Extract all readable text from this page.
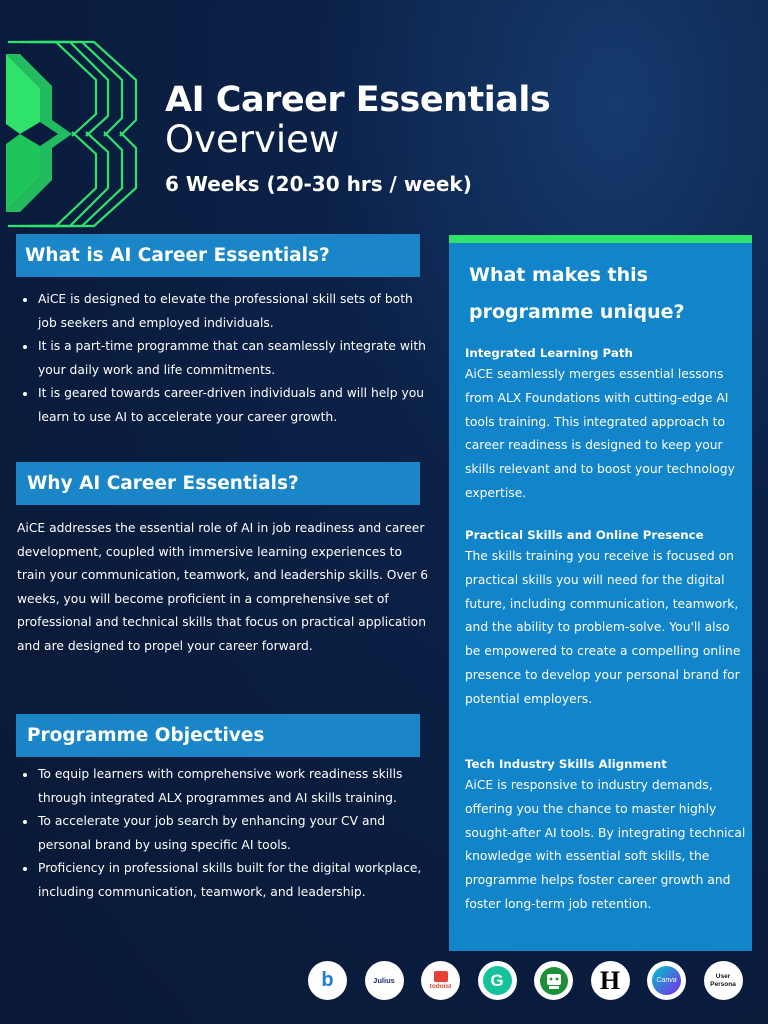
AI Career Essentials
Overview
6 Weeks (20-30 hrs / week)
What is AI Career Essentials?
AiCE is designed to elevate the professional skill sets of both job seekers and employed individuals.
It is a part-time programme that can seamlessly integrate with your daily work and life commitments.
It is geared towards career-driven individuals and will help you learn to use AI to accelerate your career growth.
Why AI Career Essentials?
AiCE addresses the essential role of AI in job readiness and career development, coupled with immersive learning experiences to train your communication, teamwork, and leadership skills. Over 6 weeks, you will become proficient in a comprehensive set of professional and technical skills that focus on practical application and are designed to propel your career forward.
Programme Objectives
To equip learners with comprehensive work readiness skills through integrated ALX programmes and AI skills training.
To accelerate your job search by enhancing your CV and personal brand by using specific AI tools.
Proficiency in professional skills built for the digital workplace, including communication, teamwork, and leadership.
What makes this programme unique?
Integrated Learning Path
AiCE seamlessly merges essential lessons from ALX Foundations with cutting-edge AI tools training. This integrated approach to career readiness is designed to keep your skills relevant and to boost your technology expertise.
Practical Skills and Online Presence
The skills training you receive is focused on practical skills you will need for the digital future, including communication, teamwork, and the ability to problem-solve. You'll also be empowered to create a compelling online presence to develop your personal brand for potential employers.
Tech Industry Skills Alignment
AiCE is responsive to industry demands, offering you the chance to master highly sought-after AI tools. By integrating technical knowledge with essential soft skills, the programme helps foster career growth and foster long-term job retention.
b	Julius
todoist G	H	Canva
User Persona
